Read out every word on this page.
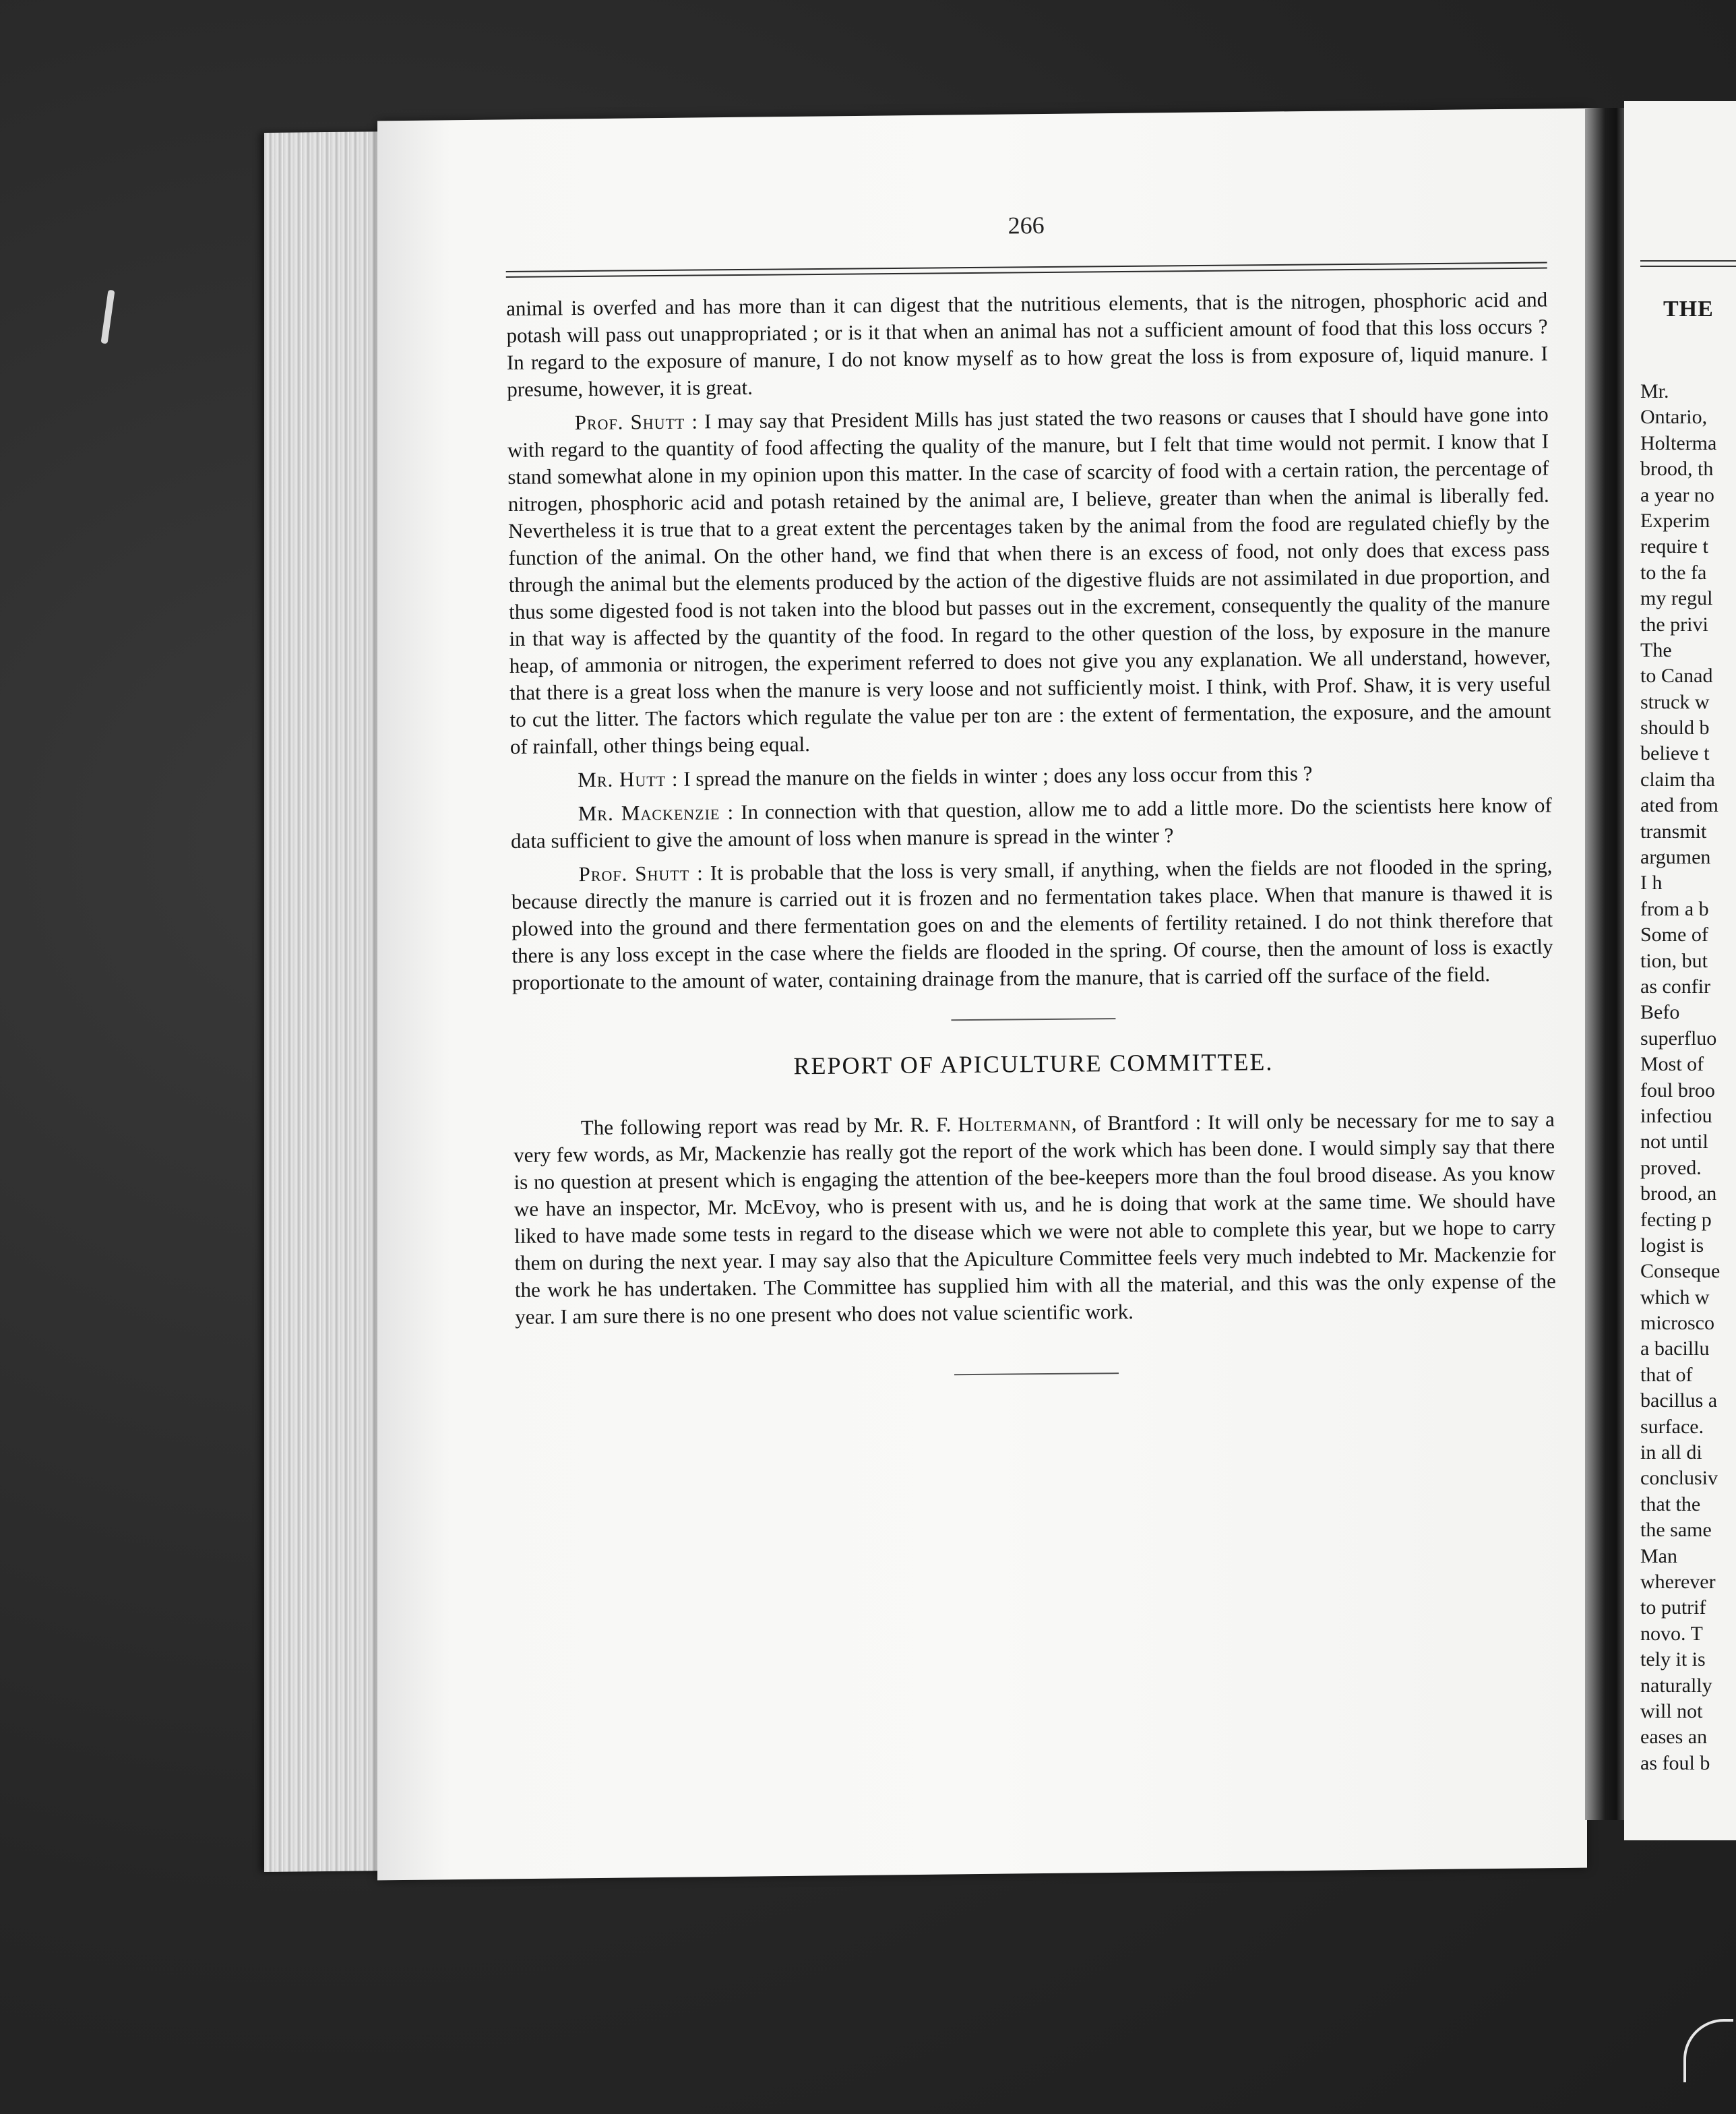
THE
Mr.
Ontario,
Holterma
brood, th
a year no
Experim
require t
to the fa
my regul
the privi
The
to Canad
struck w
should b
believe t
claim tha
ated from
transmit
argumen
I h
from a b
Some of
tion, but
as confir
Befo
superfluo
Most of
foul broo
infectiou
not until
proved.
brood, an
fecting p
logist is
Conseque
which w
microsco
a bacillu
that of
bacillus a
surface.
in all di
conclusiv
that the
the same
Man
wherever
to putrif
novo. T
tely it is
naturally
will not
eases an
as foul b
266

animal is overfed and has more than it can digest that the nutritious elements, that is the nitrogen, phosphoric acid and potash will pass out unappropriated ; or is it that when an animal has not a sufficient amount of food that this loss occurs ? In regard to the exposure of manure, I do not know myself as to how great the loss is from exposure of, liquid manure. I presume, however, it is great.

Prof. Shutt : I may say that President Mills has just stated the two reasons or causes that I should have gone into with regard to the quantity of food affecting the quality of the manure, but I felt that time would not permit. I know that I stand somewhat alone in my opinion upon this matter. In the case of scarcity of food with a certain ration, the percentage of nitrogen, phosphoric acid and potash retained by the animal are, I believe, greater than when the animal is liberally fed. Nevertheless it is true that to a great extent the percentages taken by the animal from the food are regulated chiefly by the function of the animal. On the other hand, we find that when there is an excess of food, not only does that excess pass through the animal but the elements produced by the action of the digestive fluids are not assimilated in due proportion, and thus some digested food is not taken into the blood but passes out in the excrement, consequently the quality of the manure in that way is affected by the quantity of the food. In regard to the other question of the loss, by exposure in the manure heap, of ammonia or nitrogen, the experiment referred to does not give you any explanation. We all understand, however, that there is a great loss when the manure is very loose and not sufficiently moist. I think, with Prof. Shaw, it is very useful to cut the litter. The factors which regulate the value per ton are : the extent of fermentation, the exposure, and the amount of rainfall, other things being equal.

Mr. Hutt : I spread the manure on the fields in winter ; does any loss occur from this ?

Mr. Mackenzie : In connection with that question, allow me to add a little more. Do the scientists here know of data sufficient to give the amount of loss when manure is spread in the winter ?

Prof. Shutt : It is probable that the loss is very small, if anything, when the fields are not flooded in the spring, because directly the manure is carried out it is frozen and no fermentation takes place. When that manure is thawed it is plowed into the ground and there fermentation goes on and the elements of fertility retained. I do not think therefore that there is any loss except in the case where the fields are flooded in the spring. Of course, then the amount of loss is exactly proportionate to the amount of water, containing drainage from the manure, that is carried off the surface of the field.

REPORT OF APICULTURE COMMITTEE.

The following report was read by Mr. R. F. Holtermann, of Brantford : It will only be necessary for me to say a very few words, as Mr, Mackenzie has really got the report of the work which has been done. I would simply say that there is no question at present which is engaging the attention of the bee-keepers more than the foul brood disease. As you know we have an inspector, Mr. McEvoy, who is present with us, and he is doing that work at the same time. We should have liked to have made some tests in regard to the disease which we were not able to complete this year, but we hope to carry them on during the next year. I may say also that the Apiculture Committee feels very much indebted to Mr. Mackenzie for the work he has undertaken. The Committee has supplied him with all the material, and this was the only expense of the year. I am sure there is no one present who does not value scientific work.
